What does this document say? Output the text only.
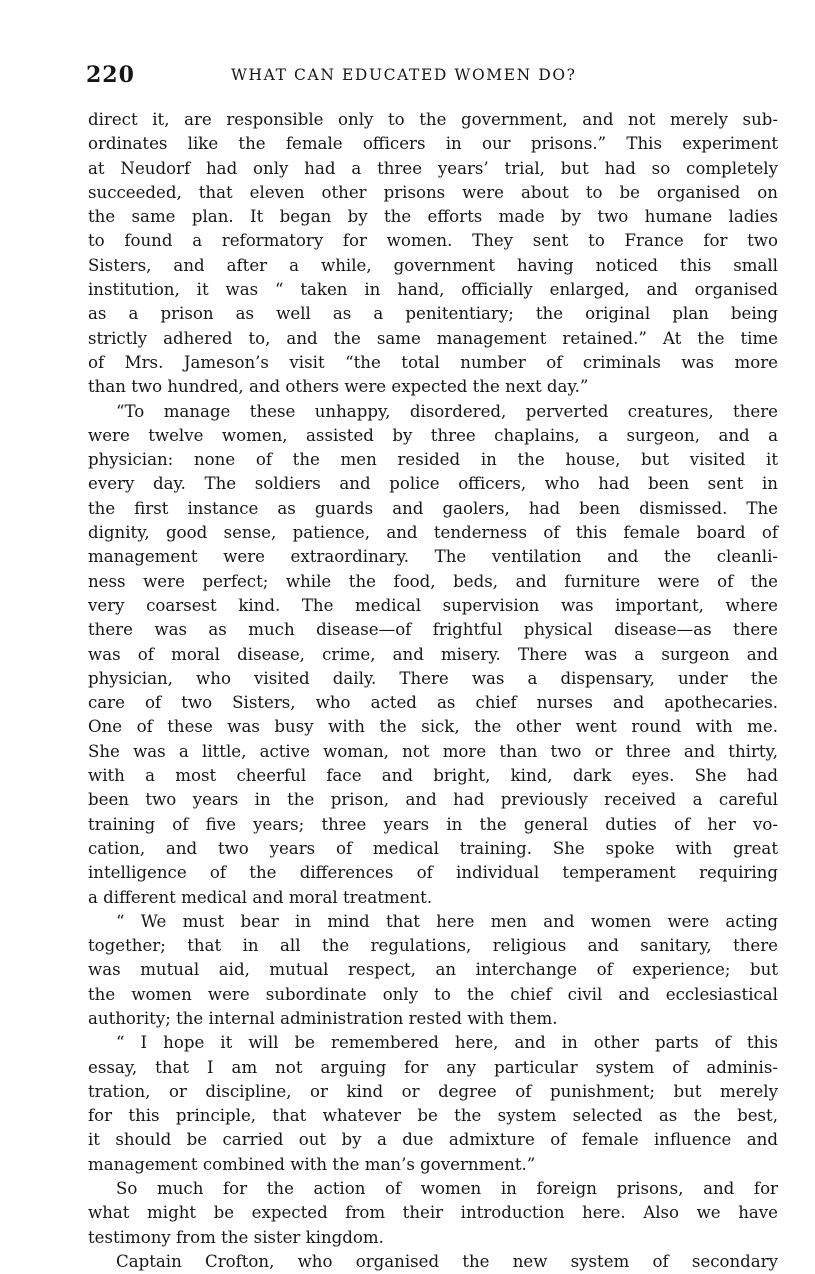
220	WHAT CAN EDUCATED WOMEN DO?
direct it, are responsible only to the government, and not merely sub-
ordinates like the female officers in our prisons.” This experiment
at Neudorf had only had a three years’ trial, but had so completely
succeeded, that eleven other prisons were about to be organised on
the same plan. It began by the efforts made by two humane ladies
to found a reformatory for women. They sent to France for two
Sisters, and after a while, government having noticed this small
institution, it was “ taken in hand, officially enlarged, and organised
as a prison as well as a penitentiary; the original plan being
strictly adhered to, and the same management retained.” At the time
of Mrs. Jameson’s visit “the total number of criminals was more
than two hundred, and others were expected the next day.”
“To manage these unhappy, disordered, perverted creatures, there
were twelve women, assisted by three chaplains, a surgeon, and a
physician: none of the men resided in the house, but visited it
every day. The soldiers and police officers, who had been sent in
the first instance as guards and gaolers, had been dismissed. The
dignity, good sense, patience, and tenderness of this female board of
management were extraordinary. The ventilation and the cleanli-
ness were perfect; while the food, beds, and furniture were of the
very coarsest kind. The medical supervision was important, where
there was as much disease—of frightful physical disease—as there
was of moral disease, crime, and misery. There was a surgeon and
physician, who visited daily. There was a dispensary, under the
care of two Sisters, who acted as chief nurses and apothecaries.
One of these was busy with the sick, the other went round with me.
She was a little, active woman, not more than two or three and thirty,
with a most cheerful face and bright, kind, dark eyes. She had
been two years in the prison, and had previously received a careful
training of five years; three years in the general duties of her vo-
cation, and two years of medical training. She spoke with great
intelligence of the differences of individual temperament requiring
a different medical and moral treatment.
“ We must bear in mind that here men and women were acting
together; that in all the regulations, religious and sanitary, there
was mutual aid, mutual respect, an interchange of experience; but
the women were subordinate only to the chief civil and ecclesiastical
authority; the internal administration rested with them.
“ I hope it will be remembered here, and in other parts of this
essay, that I am not arguing for any particular system of adminis-
tration, or discipline, or kind or degree of punishment; but merely
for this principle, that whatever be the system selected as the best,
it should be carried out by a due admixture of female influence and
management combined with the man’s government.”
So much for the action of women in foreign prisons, and for
what might be expected from their introduction here. Also we have
testimony from the sister kingdom.
Captain Crofton, who organised the new system of secondary
